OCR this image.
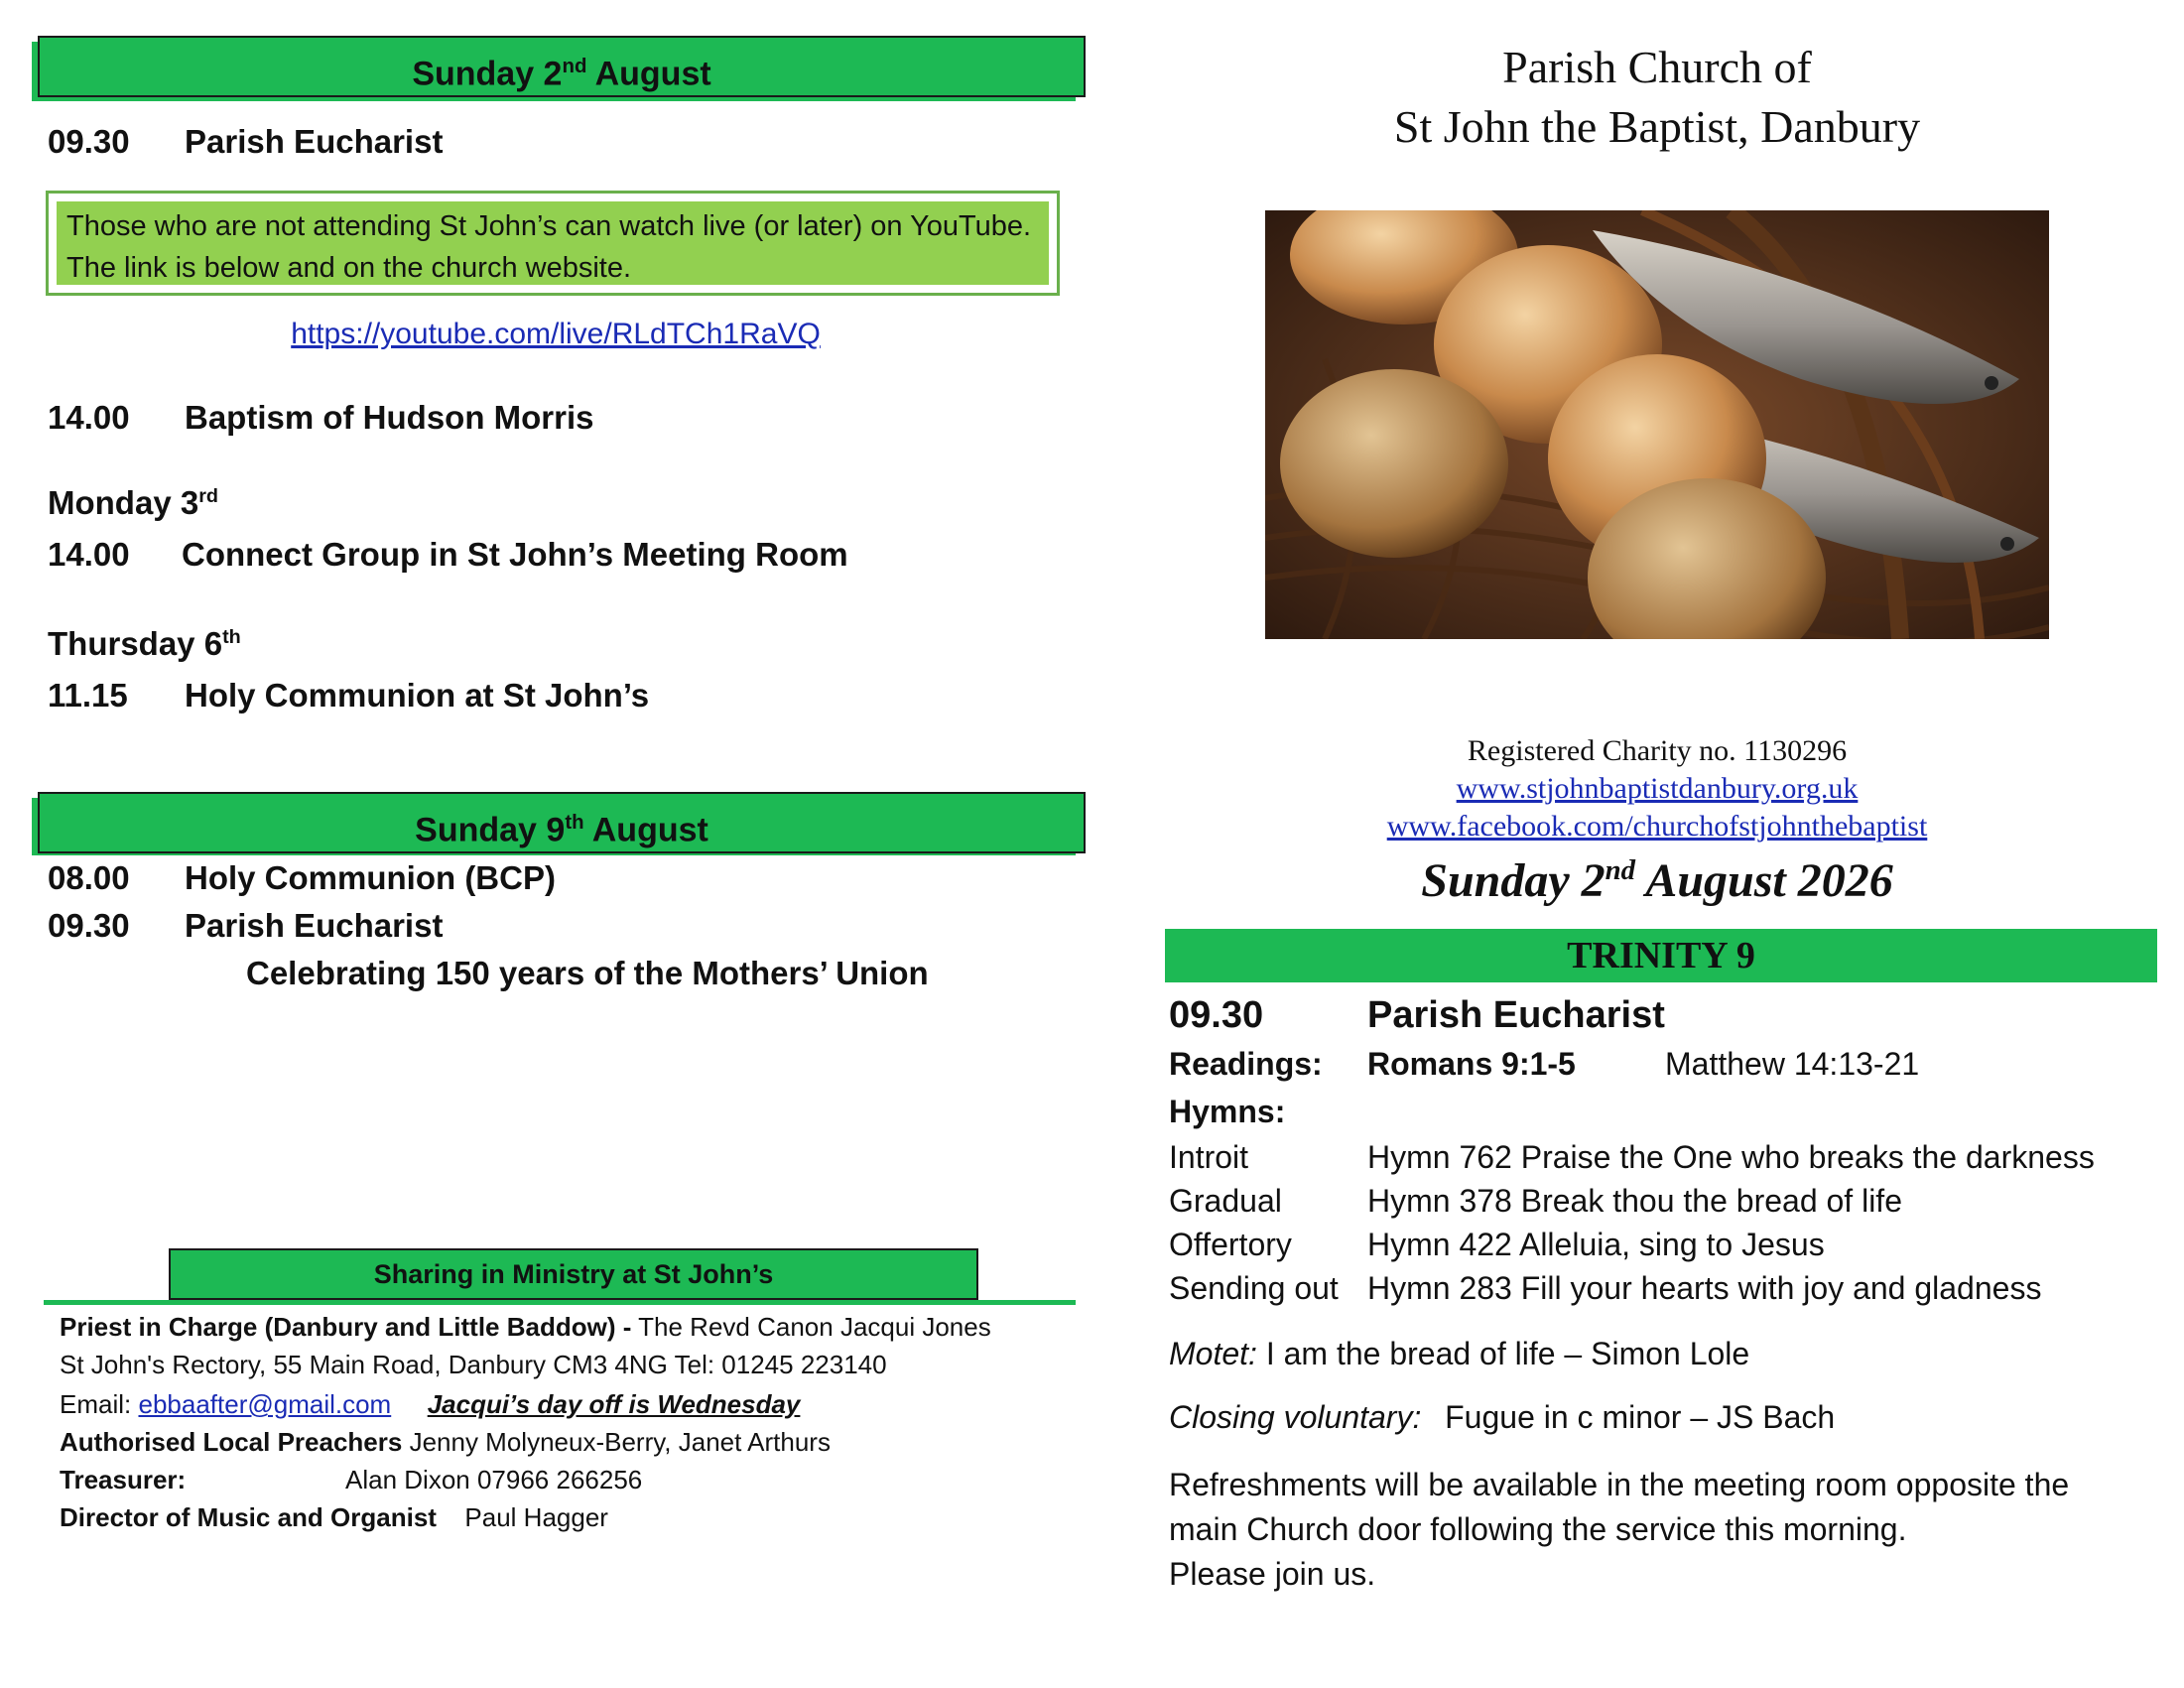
Sunday 2nd August
09.30 Parish Eucharist
Those who are not attending St John’s can watch live (or later) on YouTube. The link is below and on the church website.
https://youtube.com/live/RLdTCh1RaVQ
14.00 Baptism of Hudson Morris
Monday 3rd
14.00 Connect Group in St John’s Meeting Room
Thursday 6th
11.15 Holy Communion at St John’s
Sunday 9th August
08.00 Holy Communion (BCP)
09.30 Parish Eucharist
Celebrating 150 years of the Mothers’ Union
Sharing in Ministry at St John’s
Priest in Charge (Danbury and Little Baddow) - The Revd Canon Jacqui Jones
St John's Rectory, 55 Main Road, Danbury CM3 4NG Tel: 01245 223140
Email: ebbaafter@gmail.com Jacqui’s day off is Wednesday
Authorised Local Preachers Jenny Molyneux-Berry, Janet Arthurs
Treasurer:	Alan Dixon 07966 266256
Director of Music and Organist Paul Hagger
Parish Church of
St John the Baptist, Danbury
Registered Charity no. 1130296
www.stjohnbaptistdanbury.org.uk
www.facebook.com/churchofstjohnthebaptist
Sunday 2nd August 2026
TRINITY 9
09.30	Parish Eucharist
Readings: Romans 9:1-5	Matthew 14:13-21
Hymns:
Introit	Hymn 762 Praise the One who breaks the darkness
Gradual	Hymn 378 Break thou the bread of life
Offertory Hymn 422 Alleluia, sing to Jesus
Sending out Hymn 283 Fill your hearts with joy and gladness
Motet: I am the bread of life – Simon Lole
Closing voluntary: Fugue in c minor – JS Bach
Refreshments will be available in the meeting room opposite the
main Church door following the service this morning.
Please join us.
